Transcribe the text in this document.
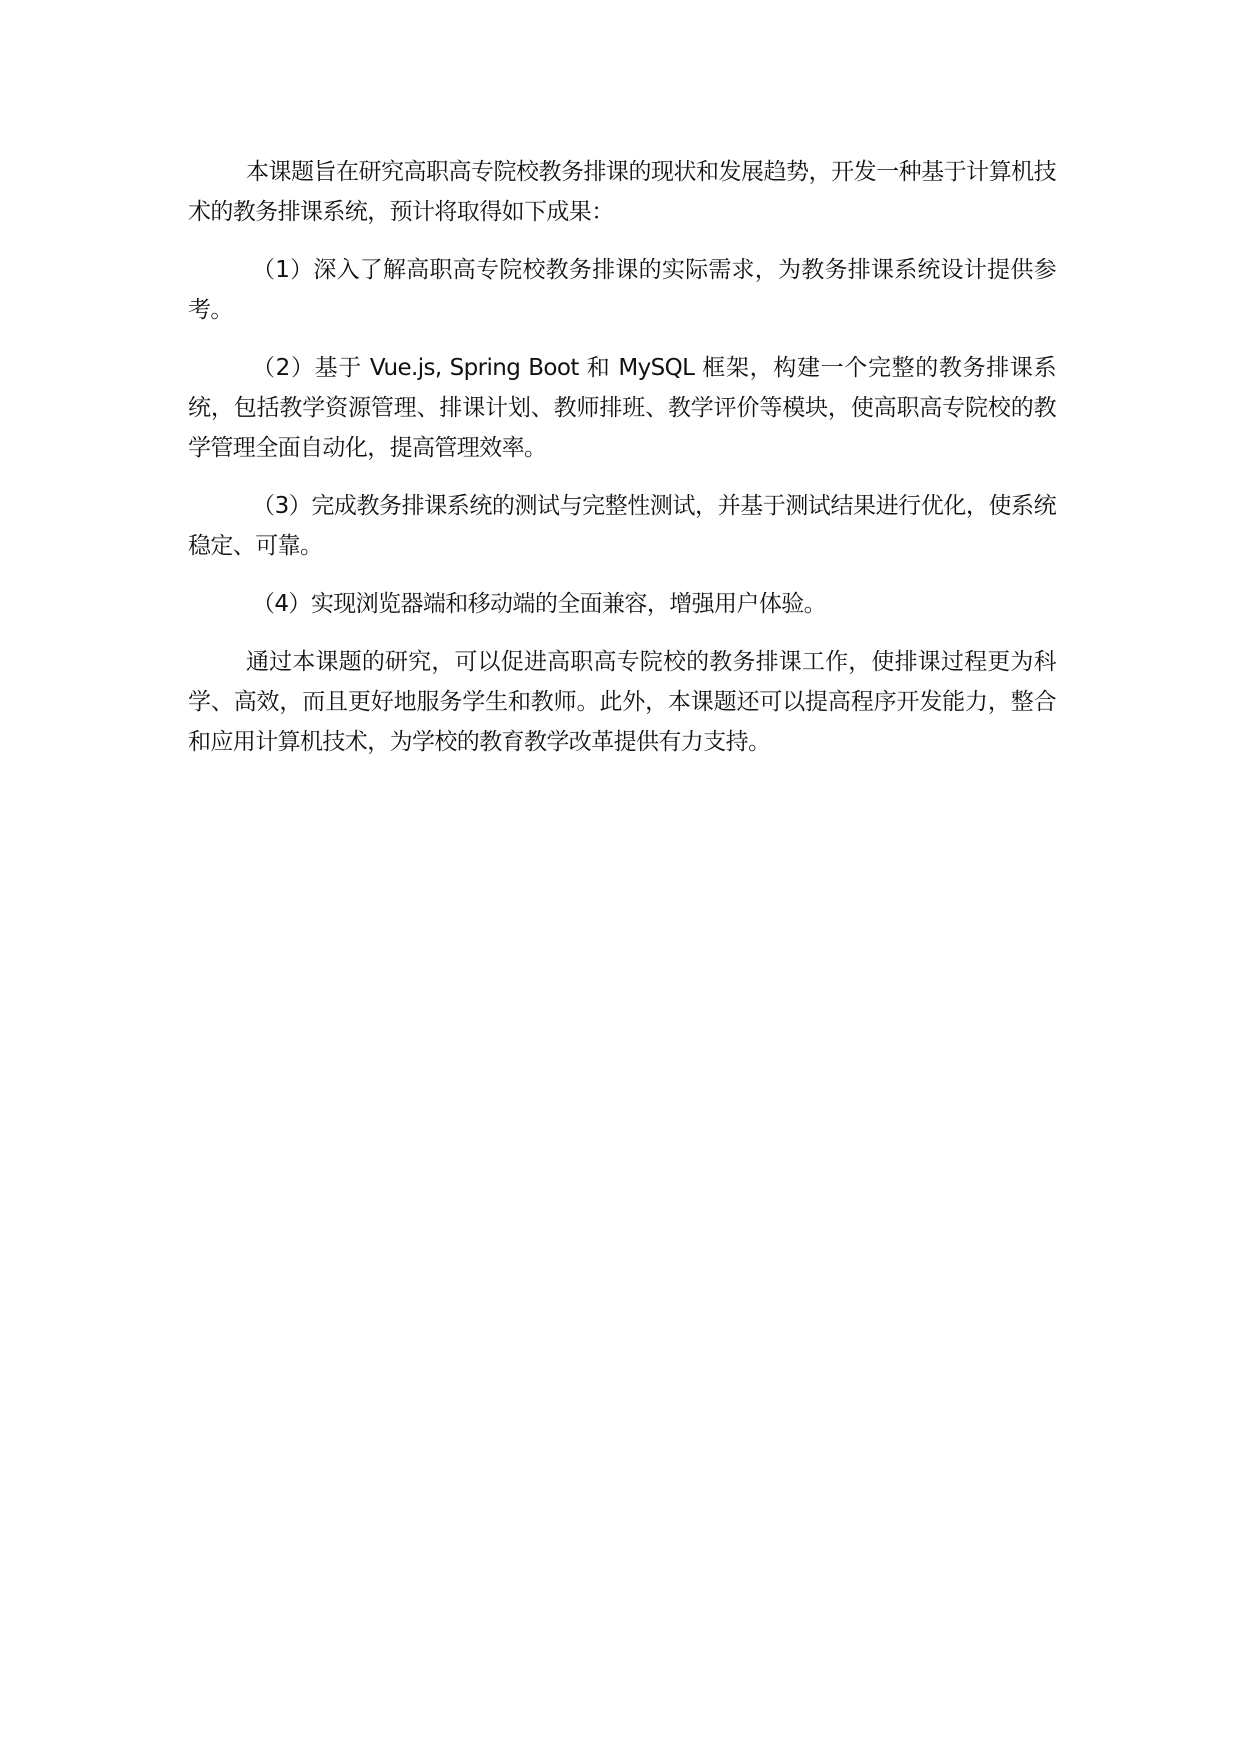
本课题旨在研究高职高专院校教务排课的现状和发展趋势，开发一种基于计算机技术的教务排课系统，预计将取得如下成果：

（1）深入了解高职高专院校教务排课的实际需求，为教务排课系统设计提供参考。

（2）基于 Vue.js, Spring Boot 和 MySQL 框架，构建一个完整的教务排课系统，包括教学资源管理、排课计划、教师排班、教学评价等模块，使高职高专院校的教学管理全面自动化，提高管理效率。

（3）完成教务排课系统的测试与完整性测试，并基于测试结果进行优化，使系统稳定、可靠。

（4）实现浏览器端和移动端的全面兼容，增强用户体验。

通过本课题的研究，可以促进高职高专院校的教务排课工作，使排课过程更为科学、高效，而且更好地服务学生和教师。此外，本课题还可以提高程序开发能力，整合和应用计算机技术，为学校的教育教学改革提供有力支持。
